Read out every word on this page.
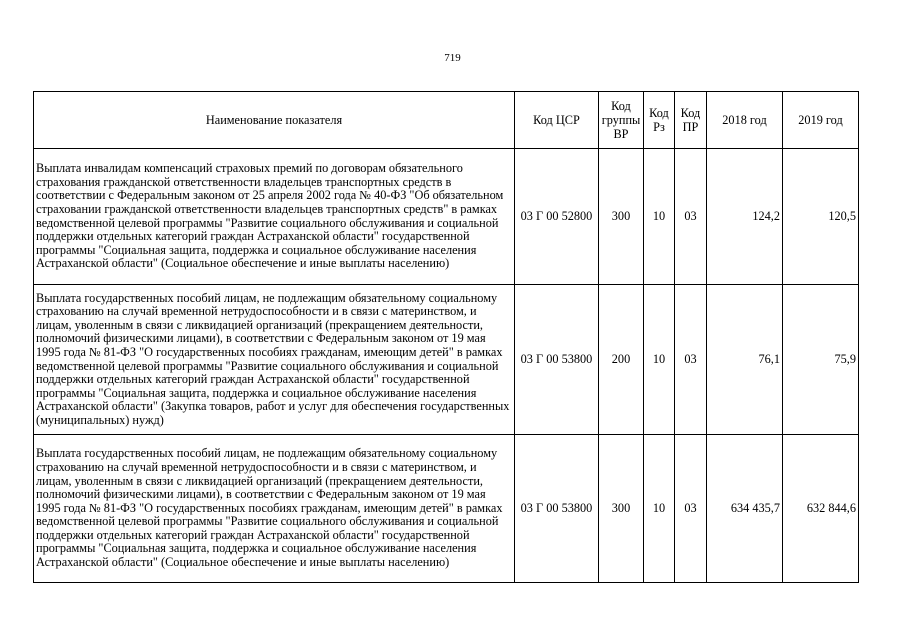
719
Наименование показателя	Код ЦСР	Код группы ВР	Код Рз	Код ПР	2018 год	2019 год
Выплата инвалидам компенсаций страховых премий по договорам обязательного страхования гражданской ответственности владельцев транспортных средств в соответствии с Федеральным законом от 25 апреля 2002 года № 40-ФЗ "Об обязательном страховании гражданской ответственности владельцев транспортных средств" в рамках ведомственной целевой программы "Развитие социального обслуживания и социальной поддержки отдельных категорий граждан Астраханской области" государственной программы "Социальная защита, поддержка и социальное обслуживание населения Астраханской области" (Социальное обеспечение и иные выплаты населению)	03 Г 00 52800	300	10	03	124,2	120,5
Выплата государственных пособий лицам, не подлежащим обязательному социальному страхованию на случай временной нетрудоспособности и в связи с материнством, и лицам, уволенным в связи с ликвидацией организаций (прекращением деятельности, полномочий физическими лицами), в соответствии с Федеральным законом от 19 мая 1995 года № 81-ФЗ "О государственных пособиях гражданам, имеющим детей" в рамках ведомственной целевой программы "Развитие социального обслуживания и социальной поддержки отдельных категорий граждан Астраханской области" государственной программы "Социальная защита, поддержка и социальное обслуживание населения Астраханской области" (Закупка товаров, работ и услуг для обеспечения государственных (муниципальных) нужд)	03 Г 00 53800	200	10	03	76,1	75,9
Выплата государственных пособий лицам, не подлежащим обязательному социальному страхованию на случай временной нетрудоспособности и в связи с материнством, и лицам, уволенным в связи с ликвидацией организаций (прекращением деятельности, полномочий физическими лицами), в соответствии с Федеральным законом от 19 мая 1995 года № 81-ФЗ "О государственных пособиях гражданам, имеющим детей" в рамках ведомственной целевой программы "Развитие социального обслуживания и социальной поддержки отдельных категорий граждан Астраханской области" государственной программы "Социальная защита, поддержка и социальное обслуживание населения Астраханской области" (Социальное обеспечение и иные выплаты населению)	03 Г 00 53800	300	10	03	634 435,7	632 844,6
